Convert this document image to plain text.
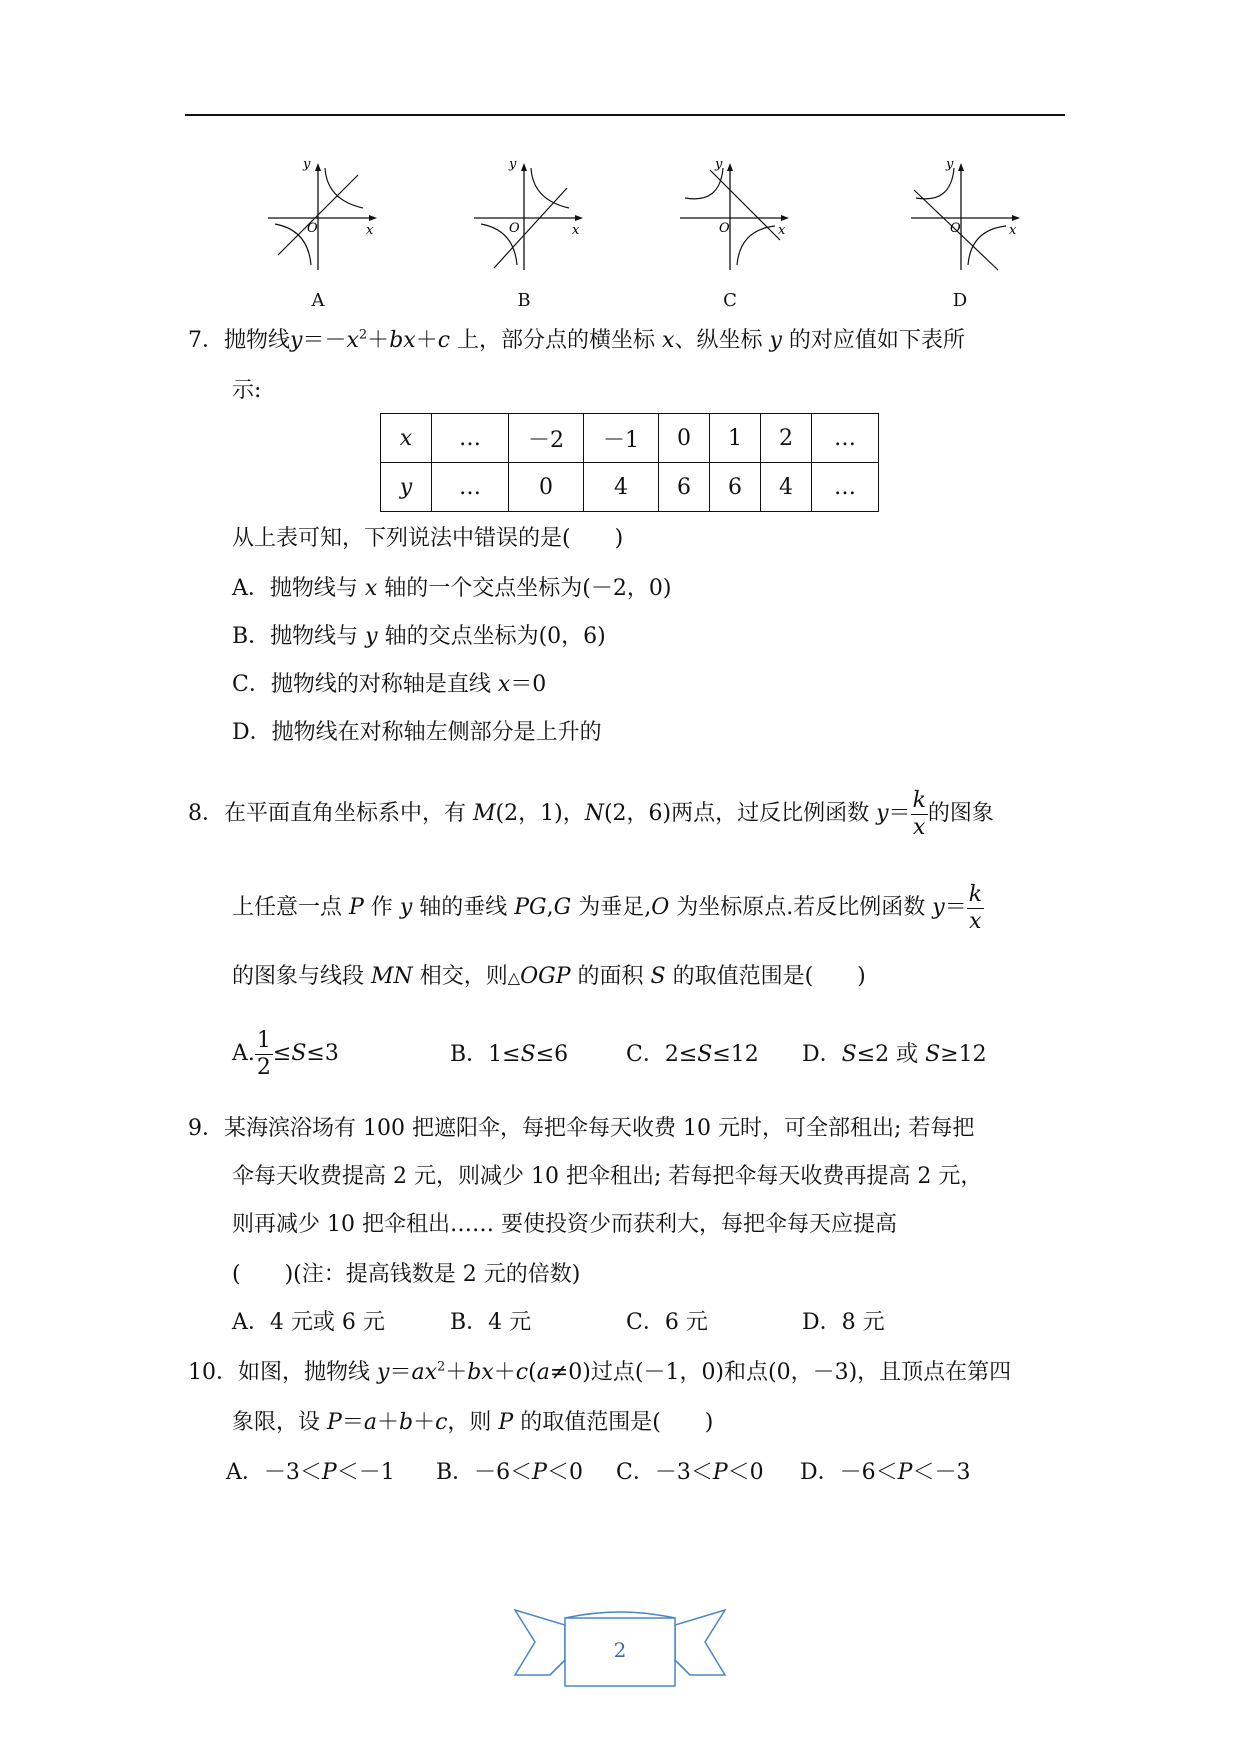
y
x
O
y
x
O
y
x
O
y
x
O
A	B	C	D
7．抛物线$y=-x^2+bx+c$ 上，部分点的横坐标 x、纵坐标 y 的对应值如下表所
示:
x	…	－2	－1	0	1	2	…
y	…	0	4	6	6	4	…
从上表可知，下列说法中错误的是(　　)
A．抛物线与 x 轴的一个交点坐标为(－2，0)
B．抛物线与 y 轴的交点坐标为(0，6)
C．抛物线的对称轴是直线 x＝0
D．抛物线在对称轴左侧部分是上升的
8．在平面直角坐标系中，有 M(2，1)，N(2，6)两点，过反比例函数 $y= \frac{k}{x}$ 的图象
上任意一点 P 作 y 轴的垂线 PG,G 为垂足,O 为坐标原点.若反比例函数 $y= \frac{k}{x}$
的图象与线段 MN 相交，则△OGP 的面积 S 的取值范围是(　　)
A. $\frac{1}{2} \le S\le 3$	B．1≤S≤6	C．2≤S≤12 D．S≤2 或 S≥12
9．某海滨浴场有 100 把遮阳伞，每把伞每天收费 10 元时，可全部租出; 若每把
伞每天收费提高 2 元，则减少 10 把伞租出; 若每把伞每天收费再提高 2 元，
则再减少 10 把伞租出…… 要使投资少而获利大，每把伞每天应提高
(　　)(注：提高钱数是 2 元的倍数)
A．4 元或 6 元	B．4 元	C．6 元	D．8 元
10．如图，抛物线 $y=ax^2+bx+c(a\ne 0)$过点(－1，0)和点(0，－3)，且顶点在第四
象限，设 P＝a＋b＋c，则 P 的取值范围是(　　)
A．－3＜P＜－1 B．－6＜P＜0 C．－3＜P＜0 D．－6＜P＜－3
2
